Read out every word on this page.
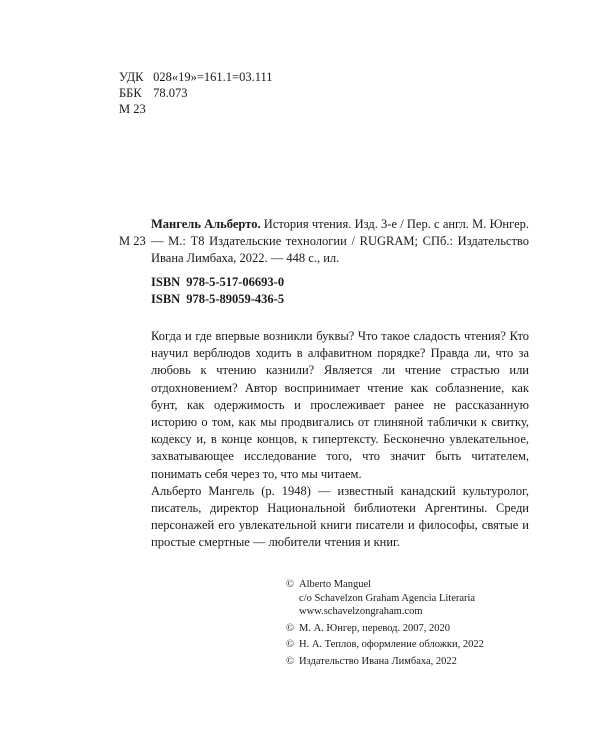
УДК 028«19»=161.1=03.111
ББК 78.073
М 23
М 23
Мангель Альберто. История чтения. Изд. 3-е / Пер. с англ. М. Юнгер. — М.: Т8 Издательские технологии / RUGRAM; СПб.: Издательство Ивана Лимбаха, 2022. — 448 с., ил.
ISBN 978-5-517-06693-0
ISBN 978-5-89059-436-5

Когда и где впервые возникли буквы? Что такое сладость чтения? Кто научил верблюдов ходить в алфавитном порядке? Правда ли, что за любовь к чтению казнили? Является ли чтение страстью или отдохновением? Автор воспринимает чтение как соблазнение, как бунт, как одержимость и прослеживает ранее не рассказанную историю о том, как мы продвигались от глиняной таблички к свитку, кодексу и, в конце концов, к гипертексту. Бесконечно увлекательное, захватывающее исследование того, что значит быть читателем, понимать себя через то, что мы читаем.

Альберто Мангель (р. 1948) — известный канадский культуролог, писатель, директор Национальной библиотеки Аргентины. Среди персонажей его увлекательной книги писатели и философы, святые и простые смертные — любители чтения и книг.

© Alberto Manguel
c/o Schavelzon Graham Agencia Literaria
www.schavelzongraham.com
© М. А. Юнгер, перевод. 2007, 2020
© Н. А. Теплов, оформление обложки, 2022
© Издательство Ивана Лимбаха, 2022
